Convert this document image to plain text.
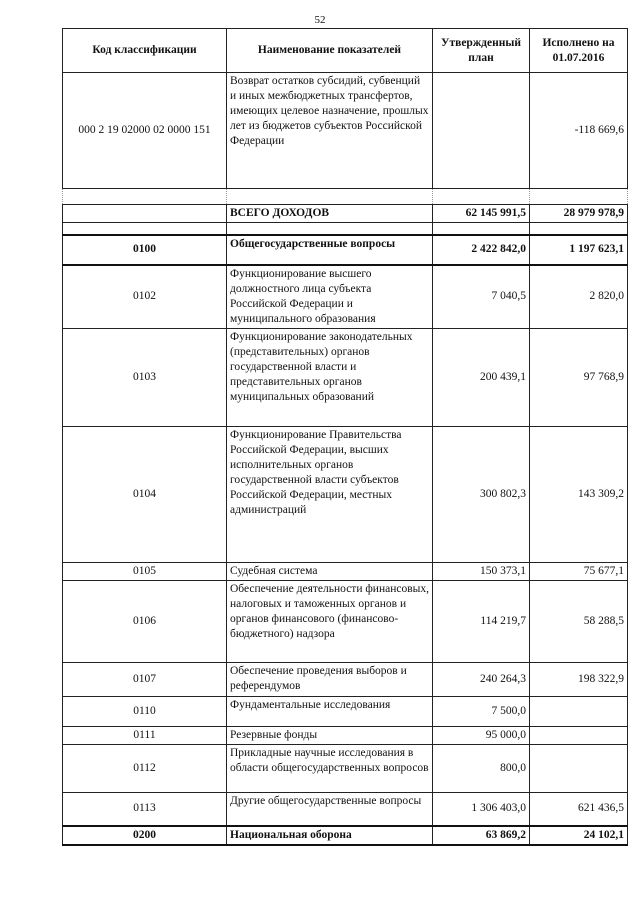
52
Код классификации	Наименование показателей	Утвержденный план	Исполнено на 01.07.2016
000 2 19 02000 02 0000 151	Возврат остатков субсидий, субвенций и иных межбюджетных трансфертов, имеющих целевое назначение, прошлых лет из бюджетов субъектов Российской Федерации		-118 669,6

	ВСЕГО ДОХОДОВ	62 145 991,5	28 979 978,9

0100	Общегосударственные вопросы	2 422 842,0	1 197 623,1
0102	Функционирование высшего должностного лица субъекта Российской Федерации и муниципального образования	7 040,5	2 820,0
0103	Функционирование законодательных (представительных) органов государственной власти и представительных органов муниципальных образований	200 439,1	97 768,9
0104	Функционирование Правительства Российской Федерации, высших исполнительных органов государственной власти субъектов Российской Федерации, местных администраций	300 802,3	143 309,2
0105	Судебная система	150 373,1	75 677,1
0106	Обеспечение деятельности финансовых, налоговых и таможенных органов и органов финансового (финансово-бюджетного) надзора	114 219,7	58 288,5
0107	Обеспечение проведения выборов и референдумов	240 264,3	198 322,9
0110	Фундаментальные исследования	7 500,0	
0111	Резервные фонды	95 000,0	
0112	Прикладные научные исследования в области общегосударственных вопросов	800,0	
0113	Другие общегосударственные вопросы	1 306 403,0	621 436,5
0200	Национальная оборона	63 869,2	24 102,1
